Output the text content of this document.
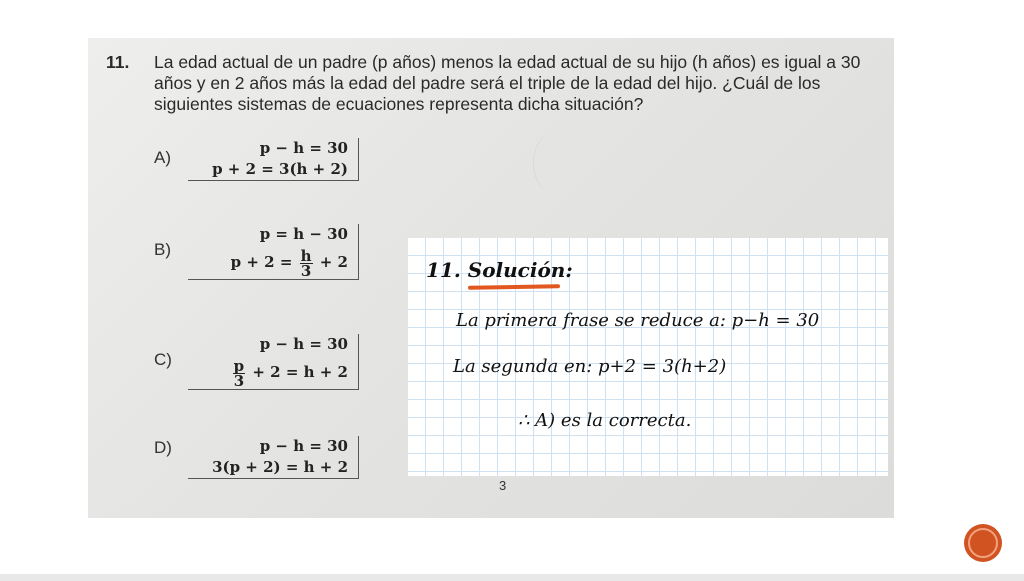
11. La edad actual de un padre (p años) menos la edad actual de su hijo (h años) es igual a 30 años y en 2 años más la edad del padre será el triple de la edad del hijo. ¿Cuál de los siguientes sistemas de ecuaciones representa dicha situación?
A)	p − h = 30
p + 2 = 3(h + 2)
B)
p = h − 30
$p + 2 = \frac{h}{3} + 2$
C)
p − h = 30
$\frac{p}{3} + 2 = h + 2$
D)	p − h = 30
3(p + 2) = h + 2
3
11. Solución:
La primera frase se reduce a: p−h = 30
La segunda en: p+2 = 3(h+2)
∴ A) es la correcta.
